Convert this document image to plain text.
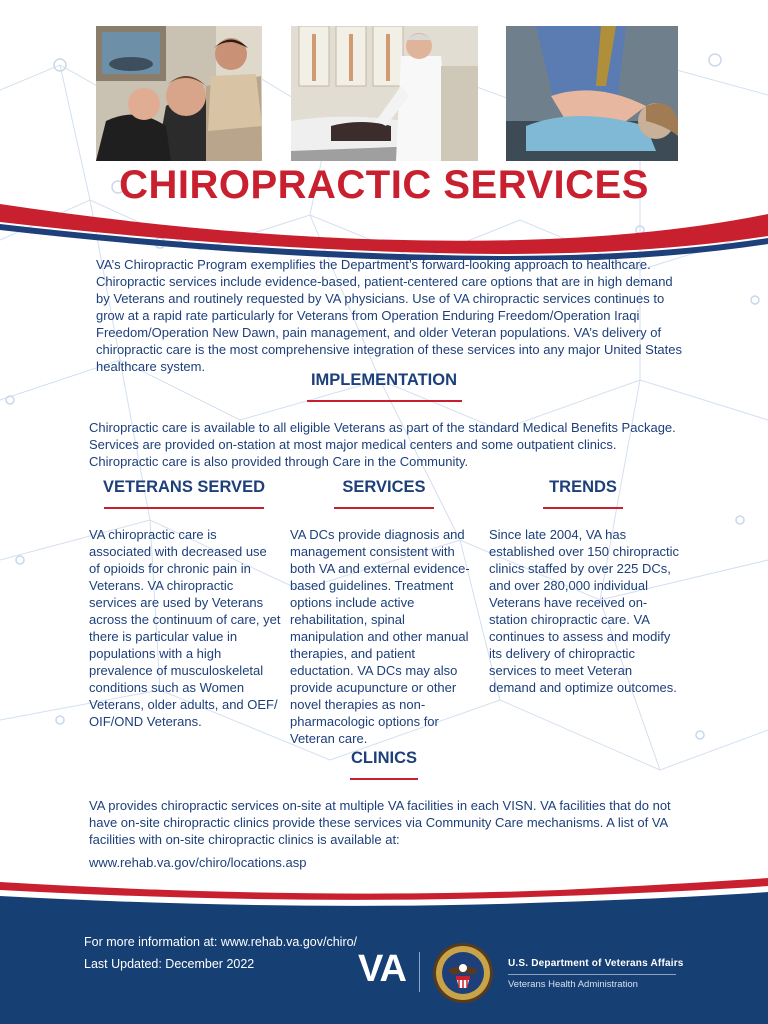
CHIROPRACTIC SERVICES
VA’s Chiropractic Program exemplifies the Department’s forward-looking approach to healthcare. Chiropractic services include evidence-based, patient-centered care options that are in high demand by Veterans and routinely requested by VA physicians. Use of VA chiropractic services continues to grow at a rapid rate particularly for Veterans from Operation Enduring Freedom/Operation Iraqi Freedom/Operation New Dawn, pain management, and older Veteran populations. VA’s delivery of chiropractic care is the most comprehensive integration of these services into any major United States healthcare system.
IMPLEMENTATION
Chiropractic care is available to all eligible Veterans as part of the standard Medical Benefits Package. Services are provided on-station at most major medical centers and some outpatient clinics. Chiropractic care is also provided through Care in the Community.
VETERANS SERVED
VA chiropractic care is associated with decreased use of opioids for chronic pain in Veterans. VA chiropractic services are used by Veterans across the continuum of care, yet there is particular value in populations with a high prevalence of musculoskeletal conditions such as Women Veterans, older adults, and OEF/ OIF/OND Veterans.
SERVICES
VA DCs provide diagnosis and management consistent with both VA and external evidence-based guidelines. Treatment options include active rehabilitation, spinal manipulation and other manual therapies, and patient eductation. VA DCs may also provide acupuncture or other novel therapies as non-pharmacologic options for Veteran care.
TRENDS
Since late 2004, VA has established over 150 chiropractic clinics staffed by over 225 DCs, and over 280,000 individual Veterans have received on-station chiropractic care. VA continues to assess and modify its delivery of chiropractic services to meet Veteran demand and optimize outcomes.
CLINICS
VA provides chiropractic services on-site at multiple VA facilities in each VISN. VA facilities that do not have on-site chiropractic clinics provide these services via Community Care mechanisms. A list of VA facilities with on-site chiropractic clinics is available at:
www.rehab.va.gov/chiro/locations.asp
For more information at: www.rehab.va.gov/chiro/
Last Updated: December 2022	VA	U.S. Department of Veterans Affairs
Veterans Health Administration
